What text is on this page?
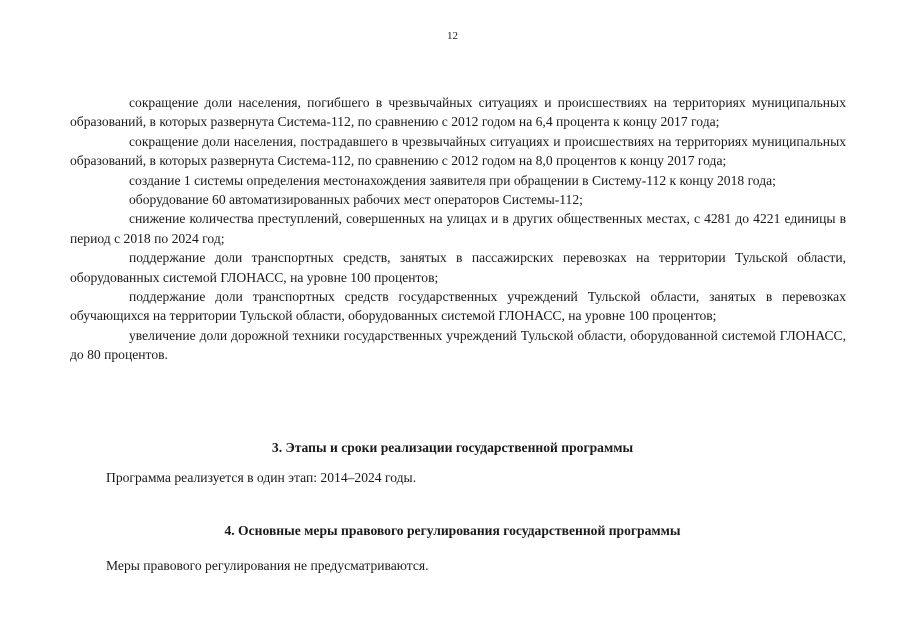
12

сокращение доли населения, погибшего в чрезвычайных ситуациях и происшествиях на территориях муниципальных образований, в которых развернута Система-112, по сравнению с 2012 годом на 6,4 процента к концу 2017 года;

сокращение доли населения, пострадавшего в чрезвычайных ситуациях и происшествиях на территориях муниципальных образований, в которых развернута Система-112, по сравнению с 2012 годом на 8,0 процентов к концу 2017 года;

создание 1 системы определения местонахождения заявителя при обращении в Систему-112 к концу 2018 года;

оборудование 60 автоматизированных рабочих мест операторов Системы-112;

снижение количества преступлений, совершенных на улицах и в других общественных местах, с 4281 до 4221 единицы в период с 2018 по 2024 год;

поддержание доли транспортных средств, занятых в пассажирских перевозках на территории Тульской области, оборудованных системой ГЛОНАСС, на уровне 100 процентов;

поддержание доли транспортных средств государственных учреждений Тульской области, занятых в перевозках обучающихся на территории Тульской области, оборудованных системой ГЛОНАСС, на уровне 100 процентов;

увеличение доли дорожной техники государственных учреждений Тульской области, оборудованной системой ГЛОНАСС, до 80 процентов.

3. Этапы и сроки реализации государственной программы
Программа реализуется в один этап: 2014–2024 годы.
4. Основные меры правового регулирования государственной программы
Меры правового регулирования не предусматриваются.
